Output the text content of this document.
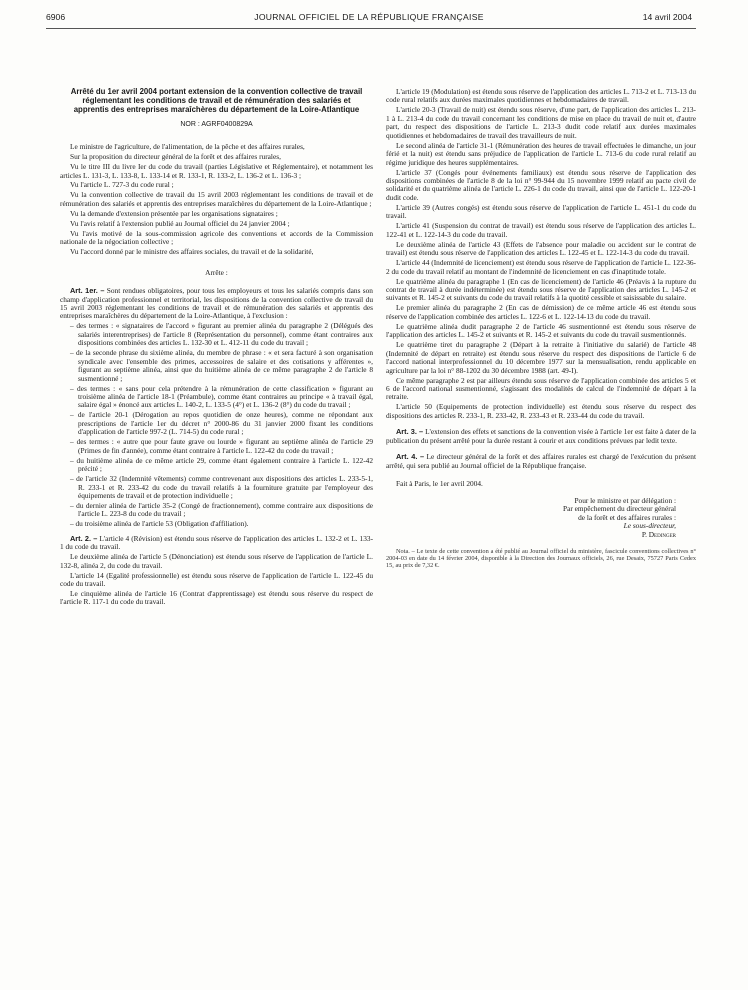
6906	JOURNAL OFFICIEL DE LA RÉPUBLIQUE FRANÇAISE	14 avril 2004
Arrêté du 1er avril 2004 portant extension de la convention collective de travail réglementant les conditions de travail et de rémunération des salariés et apprentis des entreprises maraîchères du département de la Loire-Atlantique
NOR : AGRF0400829A

Le ministre de l'agriculture, de l'alimentation, de la pêche et des affaires rurales,

Sur la proposition du directeur général de la forêt et des affaires rurales,

Vu le titre III du livre Ier du code du travail (parties Législative et Réglementaire), et notamment les articles L. 131-3, L. 133-8, L. 133-14 et R. 133-1, R. 133-2, L. 136-2 et L. 136-3 ;

Vu l'article L. 727-3 du code rural ;

Vu la convention collective de travail du 15 avril 2003 réglementant les conditions de travail et de rémunération des salariés et apprentis des entreprises maraîchères du département de la Loire-Atlantique ;

Vu la demande d'extension présentée par les organisations signataires ;

Vu l'avis relatif à l'extension publié au Journal officiel du 24 janvier 2004 ;

Vu l'avis motivé de la sous-commission agricole des conventions et accords de la Commission nationale de la négociation collective ;

Vu l'accord donné par le ministre des affaires sociales, du travail et de la solidarité,

Arrête :

Art. 1er. – Sont rendues obligatoires, pour tous les employeurs et tous les salariés compris dans son champ d'application professionnel et territorial, les dispositions de la convention collective de travail du 15 avril 2003 réglementant les conditions de travail et de rémunération des salariés et apprentis des entreprises maraîchères du département de la Loire-Atlantique, à l'exclusion :

– des termes : « signataires de l'accord » figurant au premier alinéa du paragraphe 2 (Délégués des salariés interentreprises) de l'article 8 (Représentation du personnel), comme étant contraires aux dispositions combinées des articles L. 132-30 et L. 412-11 du code du travail ;
– de la seconde phrase du sixième alinéa, du membre de phrase : « et sera facturé à son organisation syndicale avec l'ensemble des primes, accessoires de salaire et des cotisations y afférentes », figurant au septième alinéa, ainsi que du huitième alinéa de ce même paragraphe 2 de l'article 8 susmentionné ;
– des termes : « sans pour cela prétendre à la rémunération de cette classification » figurant au troisième alinéa de l'article 18-1 (Préambule), comme étant contraires au principe « à travail égal, salaire égal » énoncé aux articles L. 140-2, L. 133-5 (4°) et L. 136-2 (8°) du code du travail ;
– de l'article 20-1 (Dérogation au repos quotidien de onze heures), comme ne répondant aux prescriptions de l'article 1er du décret n° 2000-86 du 31 janvier 2000 fixant les conditions d'application de l'article 997-2 (L. 714-5) du code rural ;
– des termes : « autre que pour faute grave ou lourde » figurant au septième alinéa de l'article 29 (Primes de fin d'année), comme étant contraire à l'article L. 122-42 du code du travail ;
– du huitième alinéa de ce même article 29, comme étant également contraire à l'article L. 122-42 précité ;
– de l'article 32 (Indemnité vêtements) comme contrevenant aux dispositions des articles L. 233-5-1, R. 233-1 et R. 233-42 du code du travail relatifs à la fourniture gratuite par l'employeur des équipements de travail et de protection individuelle ;
– du dernier alinéa de l'article 35-2 (Congé de fractionnement), comme contraire aux dispositions de l'article L. 223-8 du code du travail ;
– du troisième alinéa de l'article 53 (Obligation d'affiliation).

Art. 2. – L'article 4 (Révision) est étendu sous réserve de l'application des articles L. 132-2 et L. 133-1 du code du travail.

Le deuxième alinéa de l'article 5 (Dénonciation) est étendu sous réserve de l'application de l'article L. 132-8, alinéa 2, du code du travail.

L'article 14 (Egalité professionnelle) est étendu sous réserve de l'application de l'article L. 122-45 du code du travail.

Le cinquième alinéa de l'article 16 (Contrat d'apprentissage) est étendu sous réserve du respect de l'article R. 117-1 du code du travail.

L'article 19 (Modulation) est étendu sous réserve de l'application des articles L. 713-2 et L. 713-13 du code rural relatifs aux durées maximales quotidiennes et hebdomadaires de travail.

L'article 20-3 (Travail de nuit) est étendu sous réserve, d'une part, de l'application des articles L. 213-1 à L. 213-4 du code du travail concernant les conditions de mise en place du travail de nuit et, d'autre part, du respect des dispositions de l'article L. 213-3 dudit code relatif aux durées maximales quotidiennes et hebdomadaires de travail des travailleurs de nuit.

Le second alinéa de l'article 31-1 (Rémunération des heures de travail effectuées le dimanche, un jour férié et la nuit) est étendu sans préjudice de l'application de l'article L. 713-6 du code rural relatif au régime juridique des heures supplémentaires.

L'article 37 (Congés pour événements familiaux) est étendu sous réserve de l'application des dispositions combinées de l'article 8 de la loi n° 99-944 du 15 novembre 1999 relatif au pacte civil de solidarité et du quatrième alinéa de l'article L. 226-1 du code du travail, ainsi que de l'article L. 122-20-1 dudit code.

L'article 39 (Autres congés) est étendu sous réserve de l'application de l'article L. 451-1 du code du travail.

L'article 41 (Suspension du contrat de travail) est étendu sous réserve de l'application des articles L. 122-41 et L. 122-14-3 du code du travail.

Le deuxième alinéa de l'article 43 (Effets de l'absence pour maladie ou accident sur le contrat de travail) est étendu sous réserve de l'application des articles L. 122-45 et L. 122-14-3 du code du travail.

L'article 44 (Indemnité de licenciement) est étendu sous réserve de l'application de l'article L. 122-36-2 du code du travail relatif au montant de l'indemnité de licenciement en cas d'inaptitude totale.

Le quatrième alinéa du paragraphe 1 (En cas de licenciement) de l'article 46 (Préavis à la rupture du contrat de travail à durée indéterminée) est étendu sous réserve de l'application des articles L. 145-2 et suivants et R. 145-2 et suivants du code du travail relatifs à la quotité cessible et saisissable du salaire.

Le premier alinéa du paragraphe 2 (En cas de démission) de ce même article 46 est étendu sous réserve de l'application combinée des articles L. 122-6 et L. 122-14-13 du code du travail.

Le quatrième alinéa dudit paragraphe 2 de l'article 46 susmentionné est étendu sous réserve de l'application des articles L. 145-2 et suivants et R. 145-2 et suivants du code du travail susmentionnés.

Le quatrième tiret du paragraphe 2 (Départ à la retraite à l'initiative du salarié) de l'article 48 (Indemnité de départ en retraite) est étendu sous réserve du respect des dispositions de l'article 6 de l'accord national interprofessionnel du 10 décembre 1977 sur la mensualisation, rendu applicable en agriculture par la loi n° 88-1202 du 30 décembre 1988 (art. 49-I).

Ce même paragraphe 2 est par ailleurs étendu sous réserve de l'application combinée des articles 5 et 6 de l'accord national susmentionné, s'agissant des modalités de calcul de l'indemnité de départ à la retraite.

L'article 50 (Equipements de protection individuelle) est étendu sous réserve du respect des dispositions des articles R. 233-1, R. 233-42, R. 233-43 et R. 233-44 du code du travail.

Art. 3. – L'extension des effets et sanctions de la convention visée à l'article 1er est faite à dater de la publication du présent arrêté pour la durée restant à courir et aux conditions prévues par ledit texte.

Art. 4. – Le directeur général de la forêt et des affaires rurales est chargé de l'exécution du présent arrêté, qui sera publié au Journal officiel de la République française.

Fait à Paris, le 1er avril 2004.

Pour le ministre et par délégation :
Par empêchement du directeur général
de la forêt et des affaires rurales :
Le sous-directeur,
P. Dedinger
Nota. – Le texte de cette convention a été publié au Journal officiel du ministère, fascicule conventions collectives n° 2004-03 en date du 14 février 2004, disponible à la Direction des Journaux officiels, 26, rue Desaix, 75727 Paris Cedex 15, au prix de 7,32 €.
